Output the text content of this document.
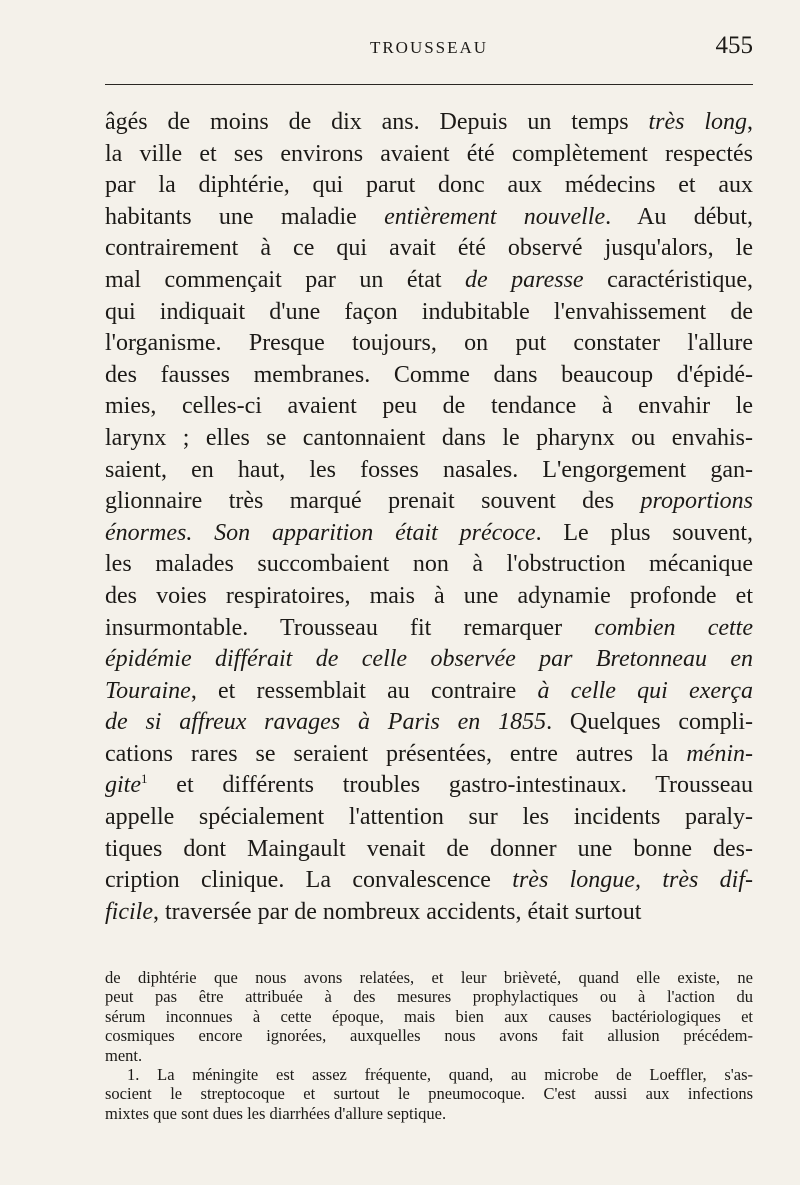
TROUSSEAU	455
âgés de moins de dix ans. Depuis un temps très long,
la ville et ses environs avaient été complètement respectés
par la diphtérie, qui parut donc aux médecins et aux
habitants une maladie entièrement nouvelle. Au début,
contrairement à ce qui avait été observé jusqu'alors, le
mal commençait par un état de paresse caractéristique,
qui indiquait d'une façon indubitable l'envahissement de
l'organisme. Presque toujours, on put constater l'allure
des fausses membranes. Comme dans beaucoup d'épidé-
mies, celles-ci avaient peu de tendance à envahir le
larynx ; elles se cantonnaient dans le pharynx ou envahis-
saient, en haut, les fosses nasales. L'engorgement gan-
glionnaire très marqué prenait souvent des proportions
énormes. Son apparition était précoce. Le plus souvent,
les malades succombaient non à l'obstruction mécanique
des voies respiratoires, mais à une adynamie profonde et
insurmontable. Trousseau fit remarquer combien cette
épidémie différait de celle observée par Bretonneau en
Touraine, et ressemblait au contraire à celle qui exerça
de si affreux ravages à Paris en 1855. Quelques compli-
cations rares se seraient présentées, entre autres la ménin-
gite$^1$ et différents troubles gastro-intestinaux. Trousseau
appelle spécialement l'attention sur les incidents paraly-
tiques dont Maingault venait de donner une bonne des-
cription clinique. La convalescence très longue, très dif-
ficile, traversée par de nombreux accidents, était surtout
de diphtérie que nous avons relatées, et leur brièveté, quand elle existe, ne
peut pas être attribuée à des mesures prophylactiques ou à l'action du
sérum inconnues à cette époque, mais bien aux causes bactériologiques et
cosmiques encore ignorées, auxquelles nous avons fait allusion précédem-
ment.
1. La méningite est assez fréquente, quand, au microbe de Loeffler, s'as-
socient le streptocoque et surtout le pneumocoque. C'est aussi aux infections
mixtes que sont dues les diarrhées d'allure septique.
